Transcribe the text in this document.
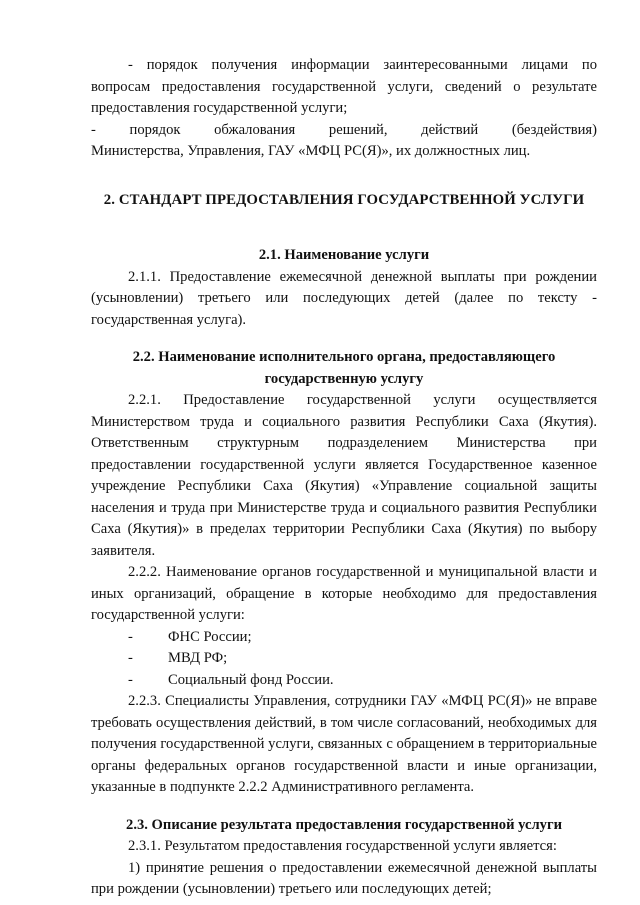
- порядок получения информации заинтересованными лицами по вопросам предоставления государственной услуги, сведений о результате предоставления государственной услуги;

- порядок обжалования решений, действий (бездействия)

Министерства, Управления, ГАУ «МФЦ РС(Я)», их должностных лиц.

2. СТАНДАРТ ПРЕДОСТАВЛЕНИЯ ГОСУДАРСТВЕННОЙ УСЛУГИ

2.1. Наименование услуги

2.1.1. Предоставление ежемесячной денежной выплаты при рождении (усыновлении) третьего или последующих детей (далее по тексту - государственная услуга).

2.2. Наименование исполнительного органа, предоставляющего

государственную услугу

2.2.1. Предоставление государственной услуги осуществляется Министерством труда и социального развития Республики Саха (Якутия). Ответственным структурным подразделением Министерства при предоставлении государственной услуги является Государственное казенное учреждение Республики Саха (Якутия) «Управление социальной защиты населения и труда при Министерстве труда и социального развития Республики Саха (Якутия)» в пределах территории Республики Саха (Якутия) по выбору заявителя.

2.2.2. Наименование органов государственной и муниципальной власти и иных организаций, обращение в которые необходимо для предоставления государственной услуги:

-	ФНС России;
-	МВД РФ;
-	Социальный фонд России.

2.2.3. Специалисты Управления, сотрудники ГАУ «МФЦ РС(Я)» не вправе требовать осуществления действий, в том числе согласований, необходимых для получения государственной услуги, связанных с обращением в территориальные органы федеральных органов государственной власти и иные организации, указанные в подпункте 2.2.2 Административного регламента.

2.3. Описание результата предоставления государственной услуги

2.3.1. Результатом предоставления государственной услуги является:

1) принятие решения о предоставлении ежемесячной денежной выплаты при рождении (усыновлении) третьего или последующих детей;
